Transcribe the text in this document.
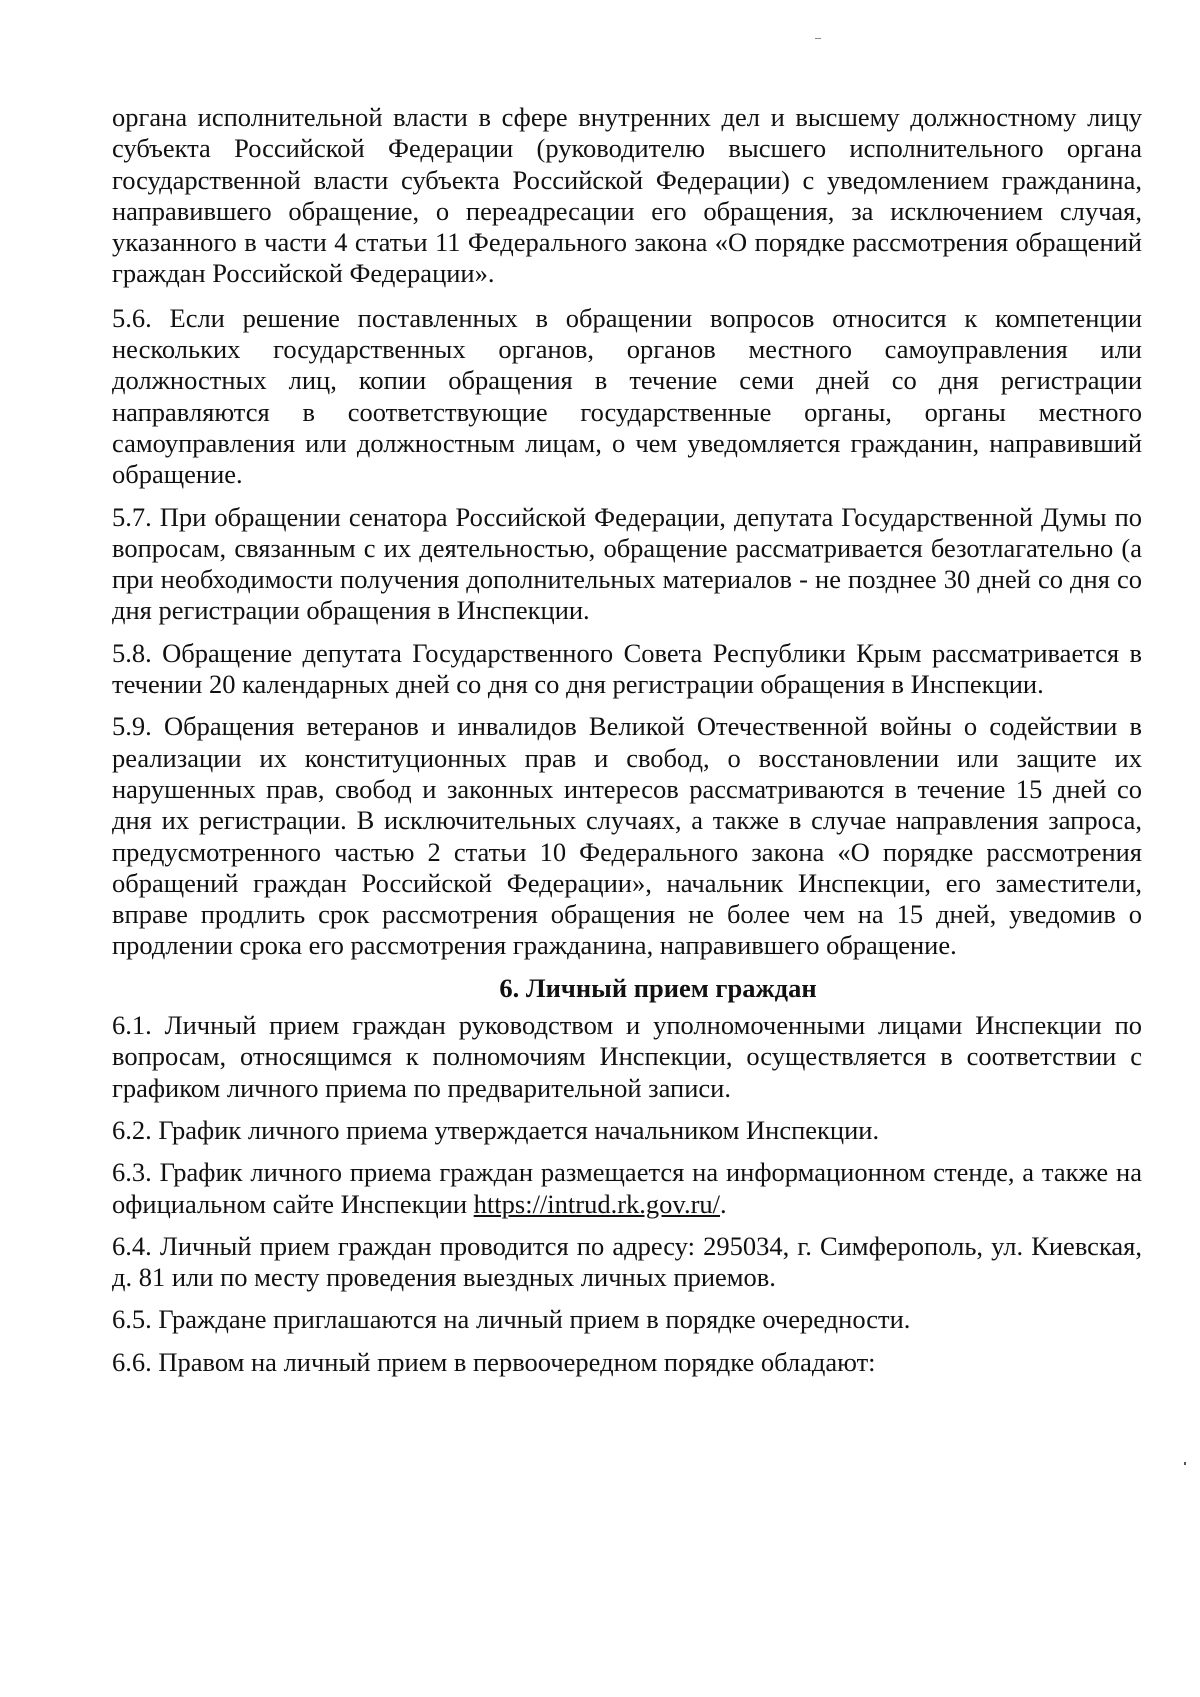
органа исполнительной власти в сфере внутренних дел и высшему должностному лицу субъекта Российской Федерации (руководителю высшего исполнительного органа государственной власти субъекта Российской Федерации) с уведомлением гражданина, направившего обращение, о переадресации его обращения, за исключением случая, указанного в части 4 статьи 11 Федерального закона «О порядке рассмотрения обращений граждан Российской Федерации».

5.6. Если решение поставленных в обращении вопросов относится к компетенции нескольких государственных органов, органов местного самоуправления или должностных лиц, копии обращения в течение семи дней со дня регистрации направляются в соответствующие государственные органы, органы местного самоуправления или должностным лицам, о чем уведомляется гражданин, направивший обращение.

5.7. При обращении сенатора Российской Федерации, депутата Государственной Думы по вопросам, связанным с их деятельностью, обращение рассматривается безотлагательно (а при необходимости получения дополнительных материалов - не позднее 30 дней со дня со дня регистрации обращения в Инспекции.

5.8. Обращение депутата Государственного Совета Республики Крым рассматривается в течении 20 календарных дней со дня со дня регистрации обращения в Инспекции.

5.9. Обращения ветеранов и инвалидов Великой Отечественной войны о содействии в реализации их конституционных прав и свобод, о восстановлении или защите их нарушенных прав, свобод и законных интересов рассматриваются в течение 15 дней со дня их регистрации. В исключительных случаях, а также в случае направления запроса, предусмотренного частью 2 статьи 10 Федерального закона «О порядке рассмотрения обращений граждан Российской Федерации», начальник Инспекции, его заместители, вправе продлить срок рассмотрения обращения не более чем на 15 дней, уведомив о продлении срока его рассмотрения гражданина, направившего обращение.

6. Личный прием граждан

6.1. Личный прием граждан руководством и уполномоченными лицами Инспекции по вопросам, относящимся к полномочиям Инспекции, осуществляется в соответствии с графиком личного приема по предварительной записи.

6.2. График личного приема утверждается начальником Инспекции.

6.3. График личного приема граждан размещается на информационном стенде, а также на официальном сайте Инспекции https://intrud.rk.gov.ru/.

6.4. Личный прием граждан проводится по адресу: 295034, г. Симферополь, ул. Киевская, д. 81 или по месту проведения выездных личных приемов.

6.5. Граждане приглашаются на личный прием в порядке очередности.

6.6. Правом на личный прием в первоочередном порядке обладают:
